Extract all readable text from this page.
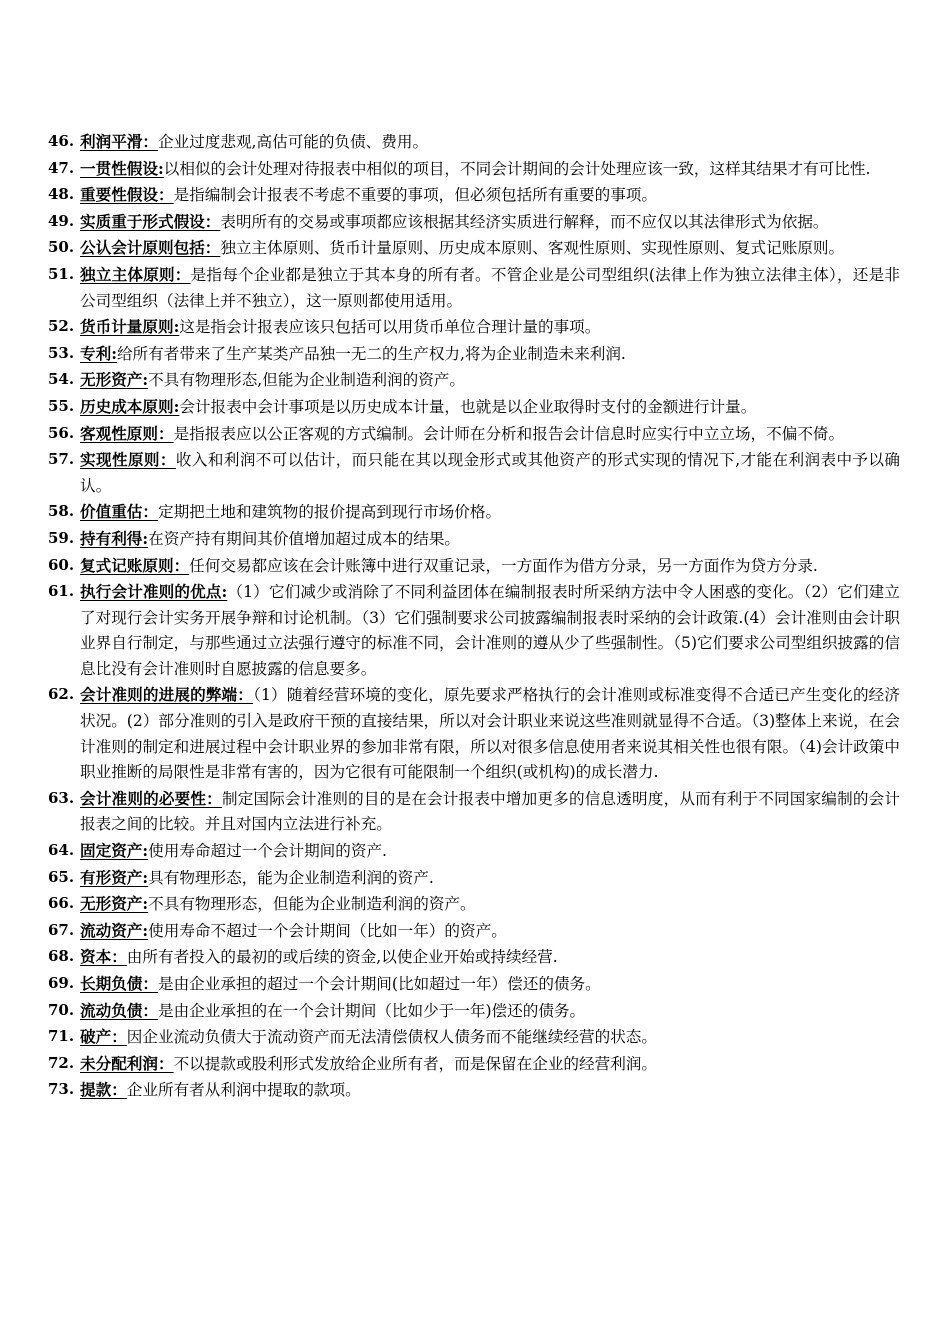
46. 利润平滑：企业过度悲观,高估可能的负债、费用。
47. 一贯性假设:以相似的会计处理对待报表中相似的项目，不同会计期间的会计处理应该一致，这样其结果才有可比性.
48. 重要性假设：是指编制会计报表不考虑不重要的事项，但必须包括所有重要的事项。
49. 实质重于形式假设：表明所有的交易或事项都应该根据其经济实质进行解释，而不应仅以其法律形式为依据。
50. 公认会计原则包括：独立主体原则、货币计量原则、历史成本原则、客观性原则、实现性原则、复式记账原则。
51. 独立主体原则：是指每个企业都是独立于其本身的所有者。不管企业是公司型组织(法律上作为独立法律主体），还是非公司型组织（法律上并不独立），这一原则都使用适用。
52. 货币计量原则:这是指会计报表应该只包括可以用货币单位合理计量的事项。
53. 专利:给所有者带来了生产某类产品独一无二的生产权力,将为企业制造未来利润.
54. 无形资产:不具有物理形态,但能为企业制造利润的资产。
55. 历史成本原则:会计报表中会计事项是以历史成本计量，也就是以企业取得时支付的金额进行计量。
56. 客观性原则：是指报表应以公正客观的方式编制。会计师在分析和报告会计信息时应实行中立立场，不偏不倚。
57. 实现性原则：收入和利润不可以估计，而只能在其以现金形式或其他资产的形式实现的情况下,才能在利润表中予以确认。
58. 价值重估：定期把土地和建筑物的报价提高到现行市场价格。
59. 持有利得:在资产持有期间其价值增加超过成本的结果。
60. 复式记账原则：任何交易都应该在会计账簿中进行双重记录，一方面作为借方分录，另一方面作为贷方分录.
61. 执行会计准则的优点:（1）它们减少或消除了不同利益团体在编制报表时所采纳方法中令人困惑的变化。（2）它们建立了对现行会计实务开展争辩和讨论机制。（3）它们强制要求公司披露编制报表时采纳的会计政策.(4）会计准则由会计职业界自行制定，与那些通过立法强行遵守的标准不同，会计准则的遵从少了些强制性。（5)它们要求公司型组织披露的信息比没有会计准则时自愿披露的信息要多。
62. 会计准则的进展的弊端：（1）随着经营环境的变化，原先要求严格执行的会计准则或标准变得不合适已产生变化的经济状况。(2）部分准则的引入是政府干预的直接结果，所以对会计职业来说这些准则就显得不合适。（3)整体上来说，在会计准则的制定和进展过程中会计职业界的参加非常有限，所以对很多信息使用者来说其相关性也很有限。（4)会计政策中职业推断的局限性是非常有害的，因为它很有可能限制一个组织(或机构)的成长潜力.
63. 会计准则的必要性：制定国际会计准则的目的是在会计报表中增加更多的信息透明度，从而有利于不同国家编制的会计报表之间的比较。并且对国内立法进行补充。
64. 固定资产:使用寿命超过一个会计期间的资产.
65. 有形资产:具有物理形态，能为企业制造利润的资产.
66. 无形资产:不具有物理形态，但能为企业制造利润的资产。
67. 流动资产:使用寿命不超过一个会计期间（比如一年）的资产。
68. 资本：由所有者投入的最初的或后续的资金,以使企业开始或持续经营.
69. 长期负债：是由企业承担的超过一个会计期间(比如超过一年）偿还的债务。
70. 流动负债：是由企业承担的在一个会计期间（比如少于一年)偿还的债务。
71. 破产：因企业流动负债大于流动资产而无法清偿债权人债务而不能继续经营的状态。
72. 未分配利润：不以提款或股利形式发放给企业所有者，而是保留在企业的经营利润。
73. 提款：企业所有者从利润中提取的款项。
